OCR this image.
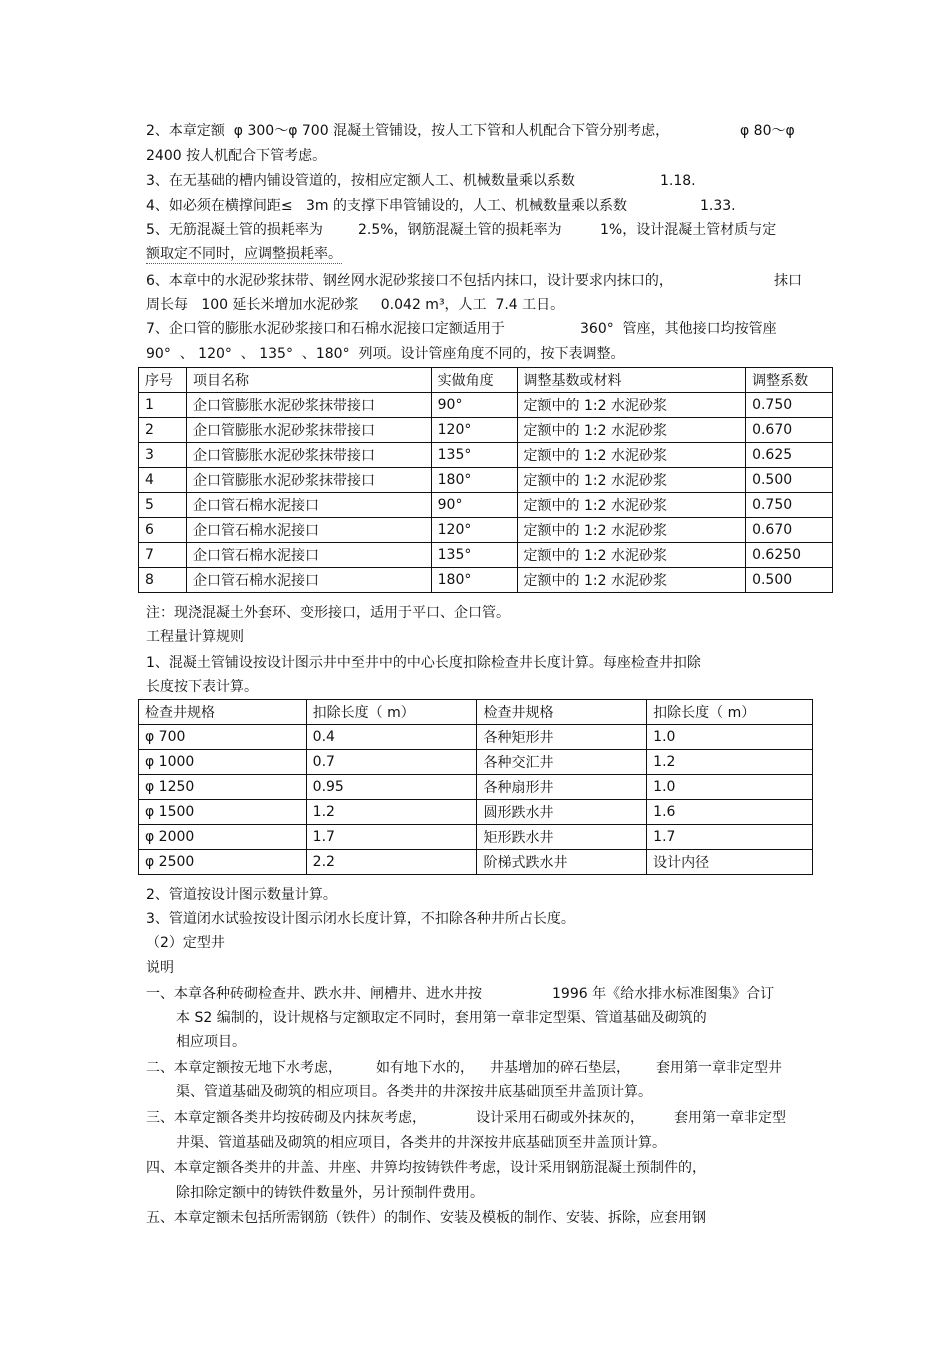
2、本章定额  φ 300～φ 700 混凝土管铺设，按人工下管和人机配合下管分别考虑，	φ 80～φ
2400 按人机配合下管考虑。
3、在无基础的槽内铺设管道的，按相应定额人工、机械数量乘以系数	1.18.
4、如必须在横撑间距≤   3m 的支撑下串管铺设的，人工、机械数量乘以系数	1.33.
5、无筋混凝土管的损耗率为	2.5%，钢筋混凝土管的损耗率为	1%，设计混凝土管材质与定
额取定不同时，应调整损耗率。
6、本章中的水泥砂浆抹带、钢丝网水泥砂浆接口不包括内抹口，设计要求内抹口的，	抹口
周长每   100 延长米增加水泥砂浆     0.042 m³，人工  7.4 工日。
7、企口管的膨胀水泥砂浆接口和石棉水泥接口定额适用于	360°  管座，其他接口均按管座
90°  、 120°  、 135°  、180°  列项。设计管座角度不同的，按下表调整。
序号	项目名称	实做角度	调整基数或材料	调整系数
1	企口管膨胀水泥砂浆抹带接口	90°	定额中的 1:2 水泥砂浆	0.750
2	企口管膨胀水泥砂浆抹带接口	120°	定额中的 1:2 水泥砂浆	0.670
3	企口管膨胀水泥砂浆抹带接口	135°	定额中的 1:2 水泥砂浆	0.625
4	企口管膨胀水泥砂浆抹带接口	180°	定额中的 1:2 水泥砂浆	0.500
5	企口管石棉水泥接口	90°	定额中的 1:2 水泥砂浆	0.750
6	企口管石棉水泥接口	120°	定额中的 1:2 水泥砂浆	0.670
7	企口管石棉水泥接口	135°	定额中的 1:2 水泥砂浆	0.6250
8	企口管石棉水泥接口	180°	定额中的 1:2 水泥砂浆	0.500
注：现浇混凝土外套环、变形接口，适用于平口、企口管。
工程量计算规则
1、混凝土管铺设按设计图示井中至井中的中心长度扣除检查井长度计算。每座检查井扣除
长度按下表计算。
检查井规格	扣除长度（ m）	检查井规格	扣除长度（ m）
φ 700	0.4	各种矩形井	1.0
φ 1000	0.7	各种交汇井	1.2
φ 1250	0.95	各种扇形井	1.0
φ 1500	1.2	圆形跌水井	1.6
φ 2000	1.7	矩形跌水井	1.7
φ 2500	2.2	阶梯式跌水井	设计内径
2、管道按设计图示数量计算。
3、管道闭水试验按设计图示闭水长度计算，不扣除各种井所占长度。
（2）定型井
说明
一、本章各种砖砌检查井、跌水井、闸槽井、进水井按	1996 年《给水排水标准图集》合订
本 S2 编制的，设计规格与定额取定不同时，套用第一章非定型渠、管道基础及砌筑的
相应项目。
二、本章定额按无地下水考虑， 如有地下水的， 井基增加的碎石垫层， 套用第一章非定型井
渠、管道基础及砌筑的相应项目。各类井的井深按井底基础顶至井盖顶计算。
三、本章定额各类井均按砖砌及内抹灰考虑，	设计采用石砌或外抹灰的， 套用第一章非定型
井渠、管道基础及砌筑的相应项目，各类井的井深按井底基础顶至井盖顶计算。
四、本章定额各类井的井盖、井座、井箅均按铸铁件考虑，设计采用钢筋混凝土预制件的，
除扣除定额中的铸铁件数量外，另计预制件费用。
五、本章定额未包括所需钢筋（铁件）的制作、安装及模板的制作、安装、拆除，应套用钢
